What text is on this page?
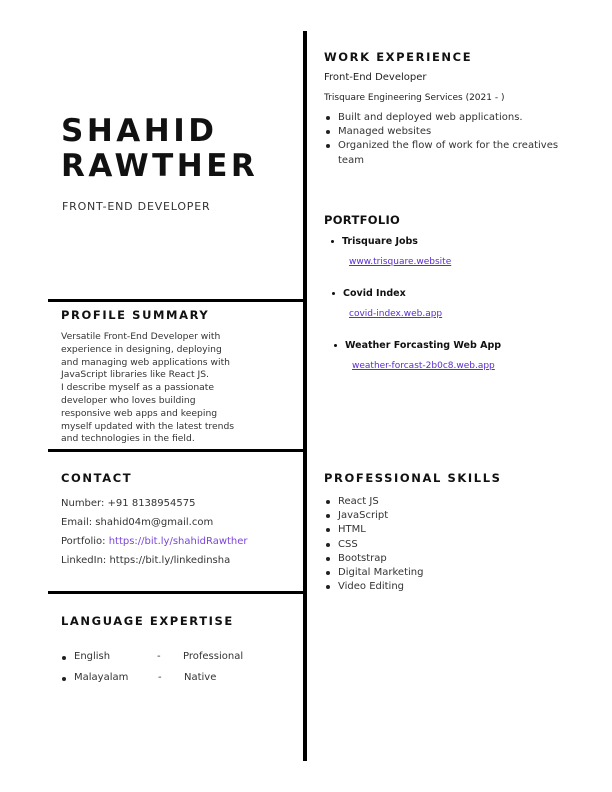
SHAHID
RAWTHER
FRONT-END DEVELOPER
PROFILE SUMMARY

Versatile Front-End Developer with

experience in designing, deploying

and managing web applications with

JavaScript libraries like React JS.

I describe myself as a passionate

developer who loves building

responsive web apps and keeping

myself updated with the latest trends

and technologies in the field.

CONTACT
Number: +91 8138954575
Email: shahid04m@gmail.com
Portfolio: https://bit.ly/shahidRawther
LinkedIn: https://bit.ly/linkedinsha
LANGUAGE EXPERTISE
English	- Professional
Malayalam	- Native
WORK EXPERIENCE
Front-End Developer
Trisquare Engineering Services (2021 - )
Built and deployed web applications.
Managed websites
Organized the flow of work for the creatives team
PORTFOLIO
Trisquare Jobs
www.trisquare.website
Covid Index
covid-index.web.app
Weather Forcasting Web App
weather-forcast-2b0c8.web.app
PROFESSIONAL SKILLS
React JS
JavaScript
HTML
CSS
Bootstrap
Digital Marketing
Video Editing
